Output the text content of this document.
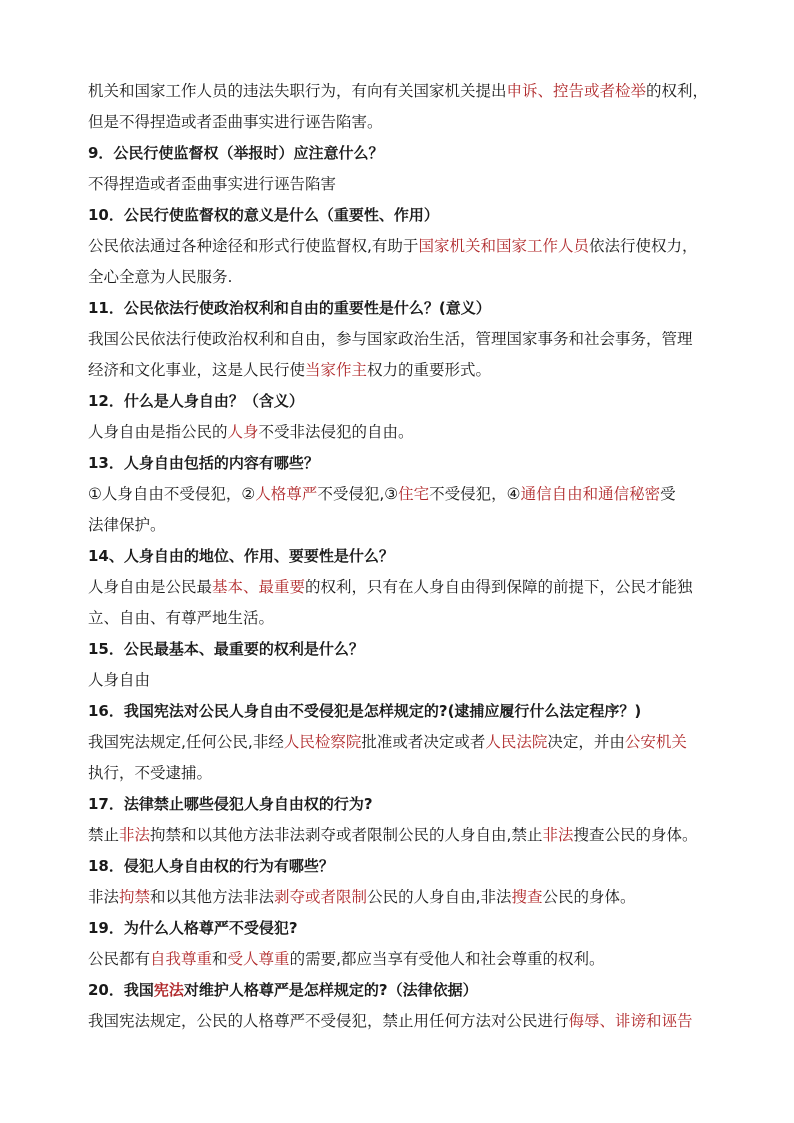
机关和国家工作人员的违法失职行为，有向有关国家机关提出申诉、控告或者检举的权利，
但是不得捏造或者歪曲事实进行诬告陷害。
9．公民行使监督权（举报时）应注意什么？
不得捏造或者歪曲事实进行诬告陷害
10．公民行使监督权的意义是什么（重要性、作用）
公民依法通过各种途径和形式行使监督权,有助于国家机关和国家工作人员依法行使权力，
全心全意为人民服务.
11．公民依法行使政治权利和自由的重要性是什么？(意义）
我国公民依法行使政治权利和自由，参与国家政治生活，管理国家事务和社会事务，管理
经济和文化事业，这是人民行使当家作主权力的重要形式。
12．什么是人身自由？（含义）
人身自由是指公民的人身不受非法侵犯的自由。
13．人身自由包括的内容有哪些？
①人身自由不受侵犯，②人格尊严不受侵犯,③住宅不受侵犯，④通信自由和通信秘密受
法律保护。
14、人身自由的地位、作用、要要性是什么？
人身自由是公民最基本、最重要的权利，只有在人身自由得到保障的前提下，公民才能独
立、自由、有尊严地生活。
15．公民最基本、最重要的权利是什么？
人身自由
16．我国宪法对公民人身自由不受侵犯是怎样规定的?(逮捕应履行什么法定程序？)
我国宪法规定,任何公民,非经人民检察院批准或者决定或者人民法院决定，并由公安机关
执行，不受逮捕。
17．法律禁止哪些侵犯人身自由权的行为?
禁止非法拘禁和以其他方法非法剥夺或者限制公民的人身自由,禁止非法搜查公民的身体。
18．侵犯人身自由权的行为有哪些？
非法拘禁和以其他方法非法剥夺或者限制公民的人身自由,非法搜查公民的身体。
19．为什么人格尊严不受侵犯?
公民都有自我尊重和受人尊重的需要,都应当享有受他人和社会尊重的权利。
20．我国宪法对维护人格尊严是怎样规定的?（法律依据）
我国宪法规定，公民的人格尊严不受侵犯，禁止用任何方法对公民进行侮辱、诽谤和诬告
